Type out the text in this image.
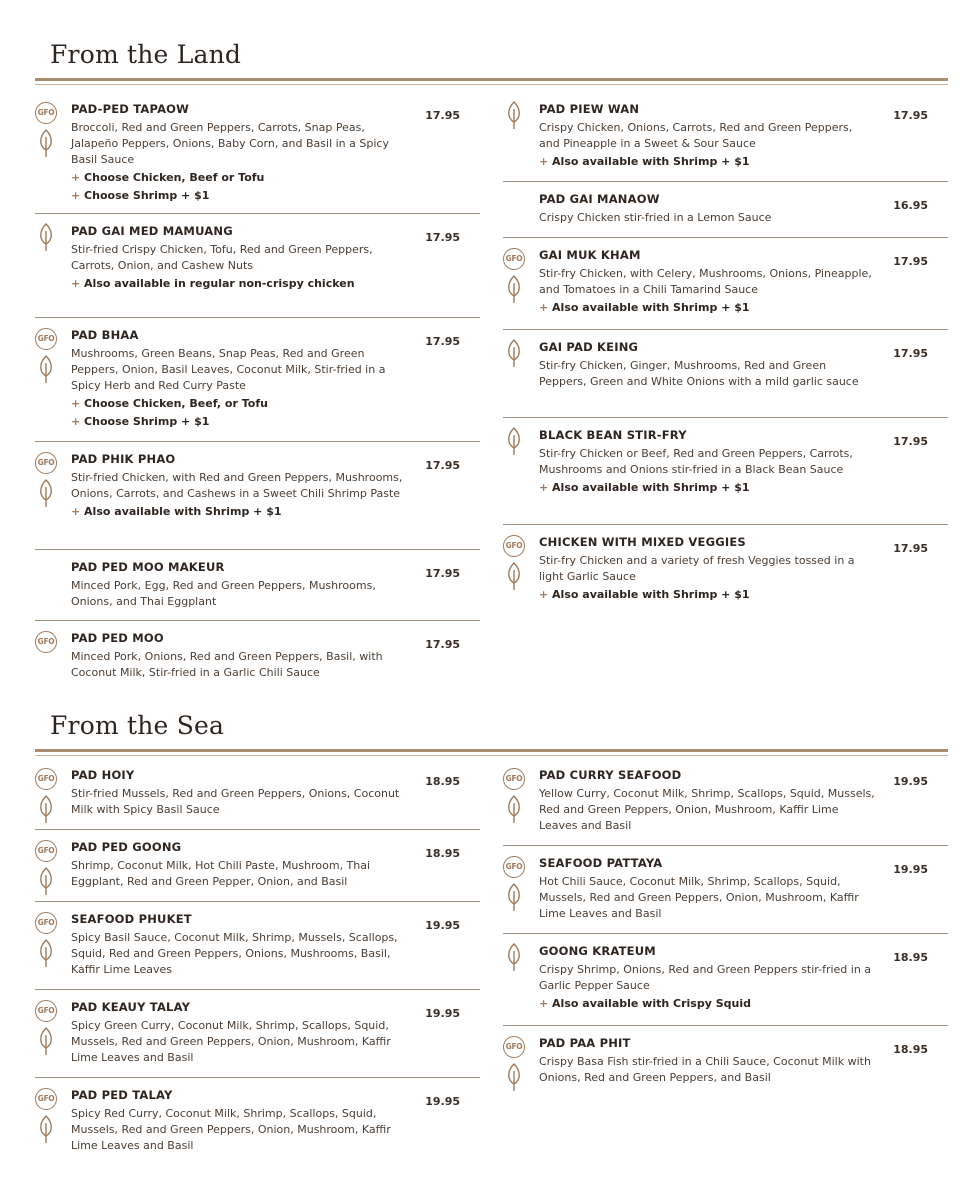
From the Land
GFO PAD-PED TAPAOW

Broccoli, Red and Green Peppers, Carrots, Snap Peas, Jalapeño Peppers, Onions, Baby Corn, and Basil in a Spicy Basil Sauce

+ Choose Chicken, Beef or Tofu

+ Choose Shrimp + $1

17.95

PAD GAI MED MAMUANG

Stir-fried Crispy Chicken, Tofu, Red and Green Peppers, Carrots, Onion, and Cashew Nuts

+ Also available in regular non-crispy chicken

17.95
GFO PAD BHAA

Mushrooms, Green Beans, Snap Peas, Red and Green Peppers, Onion, Basil Leaves, Coconut Milk, Stir-fried in a Spicy Herb and Red Curry Paste

+ Choose Chicken, Beef, or Tofu

+ Choose Shrimp + $1

17.95
GFO PAD PHIK PHAO

Stir-fried Chicken, with Red and Green Peppers, Mushrooms, Onions, Carrots, and Cashews in a Sweet Chili Shrimp Paste

+ Also available with Shrimp + $1

17.95

PAD PED MOO MAKEUR

Minced Pork, Egg, Red and Green Peppers, Mushrooms, Onions, and Thai Eggplant

17.95
GFO PAD PED MOO

Minced Pork, Onions, Red and Green Peppers, Basil, with Coconut Milk, Stir-fried in a Garlic Chili Sauce

17.95

PAD PIEW WAN

Crispy Chicken, Onions, Carrots, Red and Green Peppers, and Pineapple in a Sweet & Sour Sauce

+ Also available with Shrimp + $1

17.95

PAD GAI MANAOW

Crispy Chicken stir-fried in a Lemon Sauce

16.95
GFO GAI MUK KHAM

Stir-fry Chicken, with Celery, Mushrooms, Onions, Pineapple, and Tomatoes in a Chili Tamarind Sauce

+ Also available with Shrimp + $1

17.95

GAI PAD KEING

Stir-fry Chicken, Ginger, Mushrooms, Red and Green Peppers, Green and White Onions with a mild garlic sauce

17.95

BLACK BEAN STIR-FRY

Stir-fry Chicken or Beef, Red and Green Peppers, Carrots, Mushrooms and Onions stir-fried in a Black Bean Sauce

+ Also available with Shrimp + $1

17.95
GFO CHICKEN WITH MIXED VEGGIES

Stir-fry Chicken and a variety of fresh Veggies tossed in a light Garlic Sauce

+ Also available with Shrimp + $1

17.95
From the Sea
GFO PAD HOIY

Stir-fried Mussels, Red and Green Peppers, Onions, Coconut Milk with Spicy Basil Sauce

18.95
GFO PAD PED GOONG

Shrimp, Coconut Milk, Hot Chili Paste, Mushroom, Thai Eggplant, Red and Green Pepper, Onion, and Basil

18.95
GFO SEAFOOD PHUKET

Spicy Basil Sauce, Coconut Milk, Shrimp, Mussels, Scallops, Squid, Red and Green Peppers, Onions, Mushrooms, Basil, Kaffir Lime Leaves

19.95
GFO PAD KEAUY TALAY

Spicy Green Curry, Coconut Milk, Shrimp, Scallops, Squid, Mussels, Red and Green Peppers, Onion, Mushroom, Kaffir Lime Leaves and Basil

19.95
GFO PAD PED TALAY

Spicy Red Curry, Coconut Milk, Shrimp, Scallops, Squid, Mussels, Red and Green Peppers, Onion, Mushroom, Kaffir Lime Leaves and Basil

19.95
GFO PAD CURRY SEAFOOD

Yellow Curry, Coconut Milk, Shrimp, Scallops, Squid, Mussels, Red and Green Peppers, Onion, Mushroom, Kaffir Lime Leaves and Basil

19.95
GFO SEAFOOD PATTAYA

Hot Chili Sauce, Coconut Milk, Shrimp, Scallops, Squid, Mussels, Red and Green Peppers, Onion, Mushroom, Kaffir Lime Leaves and Basil

19.95

GOONG KRATEUM

Crispy Shrimp, Onions, Red and Green Peppers stir-fried in a Garlic Pepper Sauce

+ Also available with Crispy Squid

18.95
GFO PAD PAA PHIT

Crispy Basa Fish stir-fried in a Chili Sauce, Coconut Milk with Onions, Red and Green Peppers, and Basil

18.95
